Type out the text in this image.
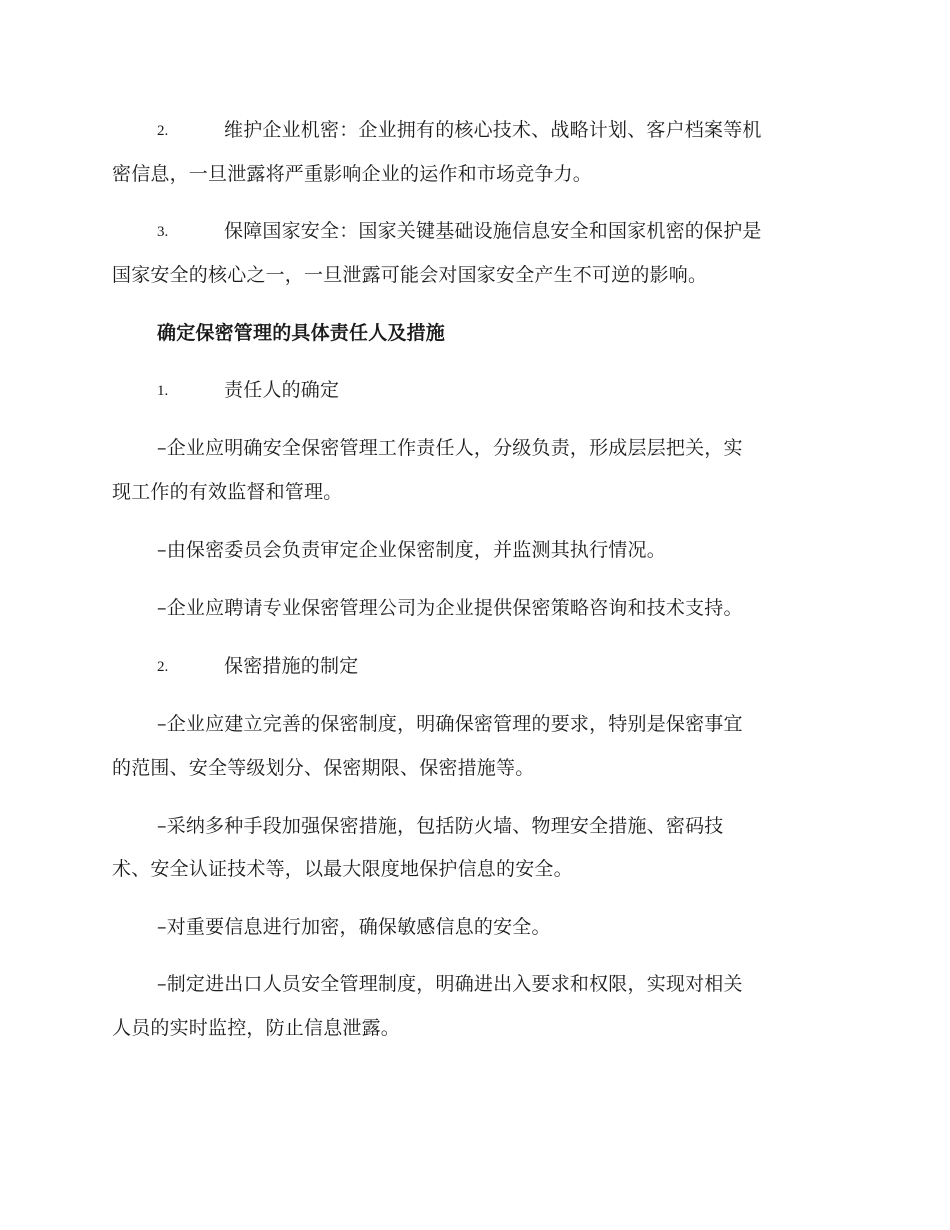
2.	维护企业机密：企业拥有的核心技术、战略计划、客户档案等机
密信息，一旦泄露将严重影响企业的运作和市场竞争力。
3.	保障国家安全：国家关键基础设施信息安全和国家机密的保护是
国家安全的核心之一，一旦泄露可能会对国家安全产生不可逆的影响。
确定保密管理的具体责任人及措施
1.	责任人的确定
–企业应明确安全保密管理工作责任人，分级负责，形成层层把关，实
现工作的有效监督和管理。
–由保密委员会负责审定企业保密制度，并监测其执行情况。
–企业应聘请专业保密管理公司为企业提供保密策略咨询和技术支持。
2.	保密措施的制定
–企业应建立完善的保密制度，明确保密管理的要求，特别是保密事宜
的范围、安全等级划分、保密期限、保密措施等。
–采纳多种手段加强保密措施，包括防火墙、物理安全措施、密码技
术、安全认证技术等，以最大限度地保护信息的安全。
–对重要信息进行加密，确保敏感信息的安全。
–制定进出口人员安全管理制度，明确进出入要求和权限，实现对相关
人员的实时监控，防止信息泄露。
